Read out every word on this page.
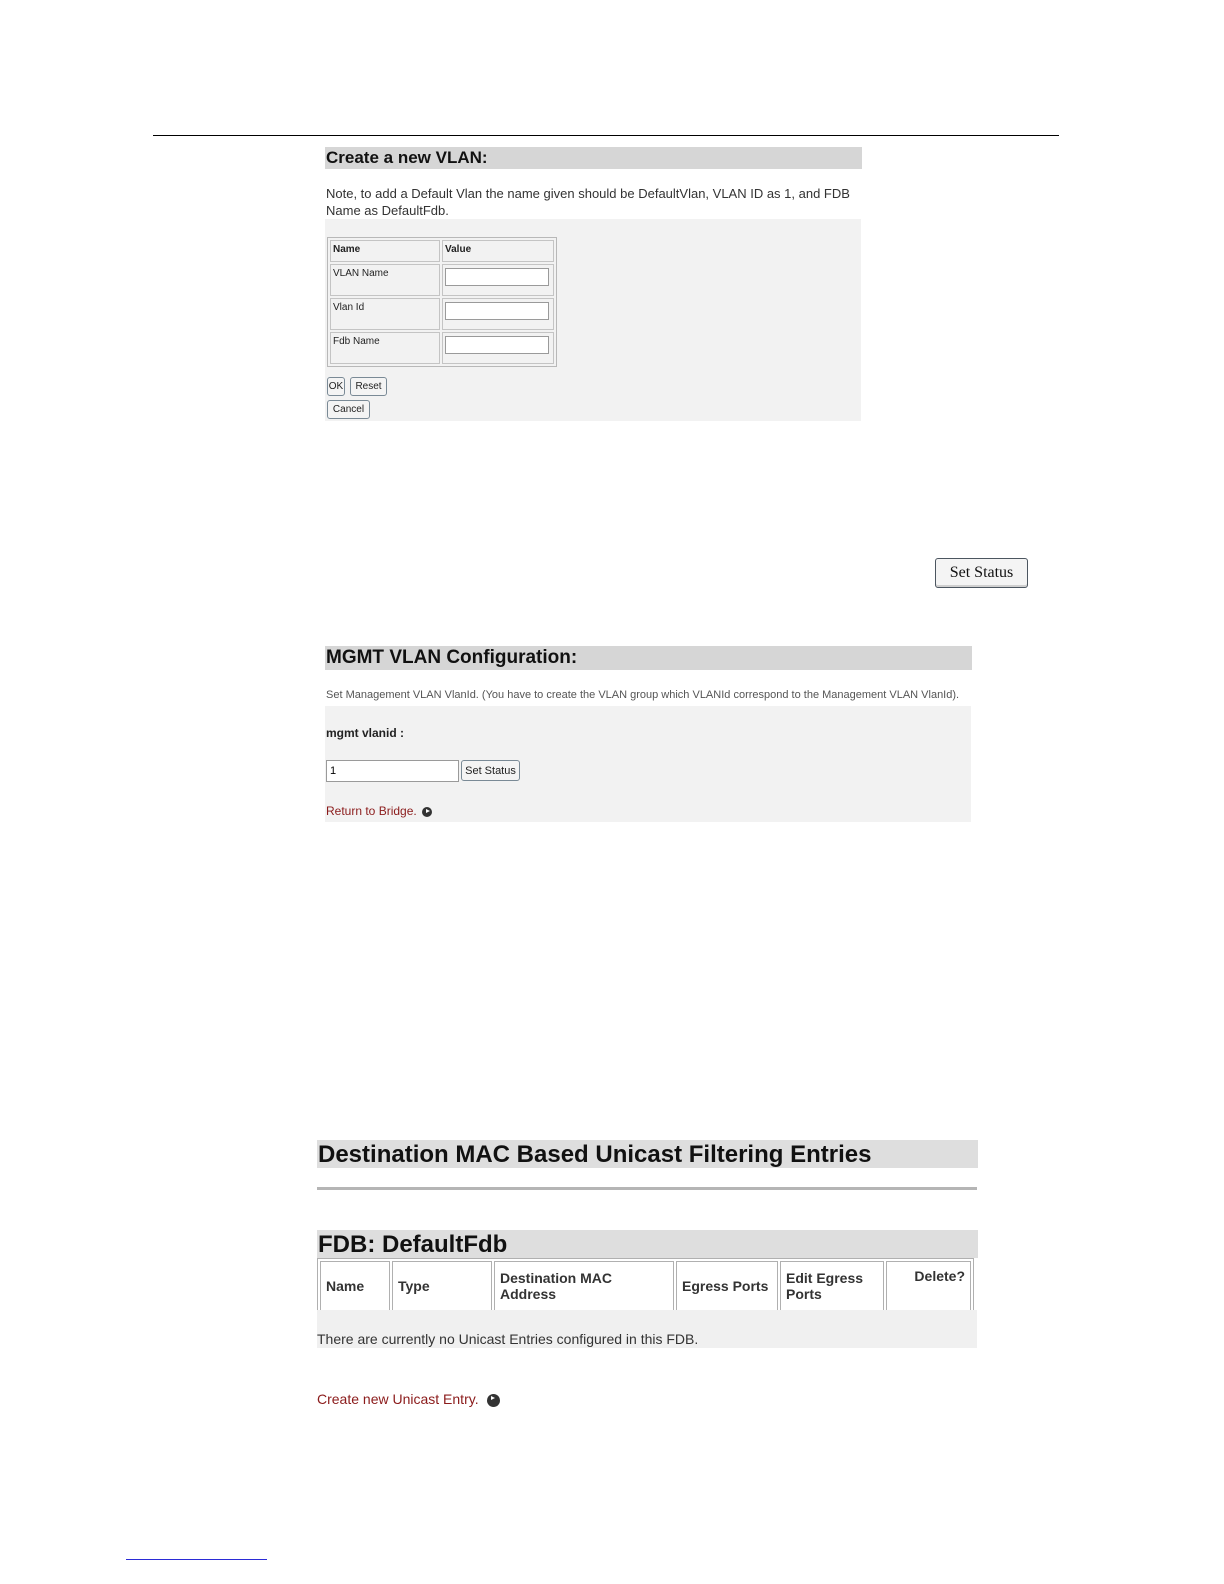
Create a new VLAN:
Note, to add a Default Vlan the name given should be DefaultVlan, VLAN ID as 1, and FDB Name as DefaultFdb.
Name	Value
VLAN Name	
Vlan Id	
Fdb Name	
OK	Reset
Cancel
Set Status
MGMT VLAN Configuration:
Set Management VLAN VlanId. (You have to create the VLAN group which VLANId correspond to the Management VLAN VlanId).
mgmt vlanid :
1
Set Status
Return to Bridge.
Destination MAC Based Unicast Filtering Entries
FDB: DefaultFdb
Name	Type	Destination MAC Address	Egress Ports	Edit Egress Ports	Delete?
There are currently no Unicast Entries configured in this FDB.
Create new Unicast Entry.
